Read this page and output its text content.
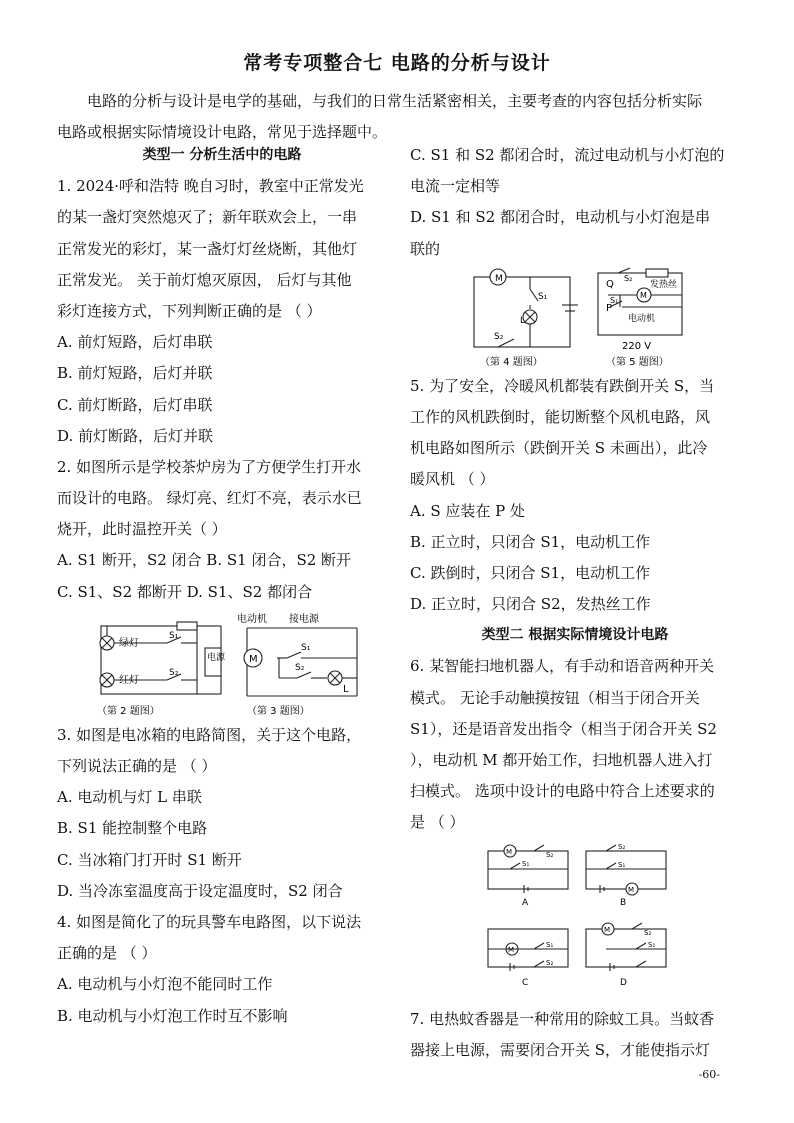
常考专项整合七 电路的分析与设计

电路的分析与设计是电学的基础，与我们的日常生活紧密相关，主要考查的内容包括分析实际

电路或根据实际情境设计电路，常见于选择题中。
类型一 分析生活中的电路
1. 2024·呼和浩特 晚自习时，教室中正常发光
的某一盏灯突然熄灭了；新年联欢会上，一串
正常发光的彩灯，某一盏灯灯丝烧断，其他灯
正常发光。 关于前灯熄灭原因， 后灯与其他
彩灯连接方式，下列判断正确的是 （ ）
A. 前灯短路，后灯串联
B. 前灯短路，后灯并联
C. 前灯断路，后灯串联
D. 前灯断路，后灯并联
2. 如图所示是学校茶炉房为了方便学生打开水
而设计的电路。 绿灯亮、红灯不亮，表示水已
烧开，此时温控开关（ ）
A. S1 断开，S2 闭合 B. S1 闭合，S2 断开
C. S1、S2 都断开 D. S1、S2 都闭合
绿灯
红灯
S₁
S₂
电源
（第 2 题图）
电动机 接电源
M
S₁
S₂
L
（第 3 题图）
3. 如图是电冰箱的电路简图，关于这个电路，
下列说法正确的是 （ ）
A. 电动机与灯 L 串联
B. S1 能控制整个电路
C. 当冰箱门打开时 S1 断开
D. 当冷冻室温度高于设定温度时，S2 闭合
4. 如图是简化了的玩具警车电路图，以下说法
正确的是 （ ）
A. 电动机与小灯泡不能同时工作
B. 电动机与小灯泡工作时互不影响
C. S1 和 S2 都闭合时，流过电动机与小灯泡的
电流一定相等
D. S1 和 S2 都闭合时，电动机与小灯泡是串
联的
M
S₁
S₂
L
（第 4 题图）
Q
P
S₂
S₁
发热丝
M
电动机
220 V
（第 5 题图）
5. 为了安全，冷暖风机都装有跌倒开关 S，当
工作的风机跌倒时，能切断整个风机电路，风
机电路如图所示（跌倒开关 S 未画出），此冷
暖风机 （ ）
A. S 应装在 P 处
B. 正立时，只闭合 S1，电动机工作
C. 跌倒时，只闭合 S1，电动机工作
D. 正立时，只闭合 S2，发热丝工作
类型二 根据实际情境设计电路
6. 某智能扫地机器人，有手动和语音两种开关
模式。 无论手动触摸按钮（相当于闭合开关
S1），还是语音发出指令（相当于闭合开关 S2
），电动机 M 都开始工作，扫地机器人进入打
扫模式。 选项中设计的电路中符合上述要求的
是 （ ）
M	S₂
S₁
A
S₂
S₁
M
B
M
S₁
S₂
C
M	S₂
S₁
D
7. 电热蚊香器是一种常用的除蚊工具。当蚊香
器接上电源，需要闭合开关 S，才能使指示灯
-60-
